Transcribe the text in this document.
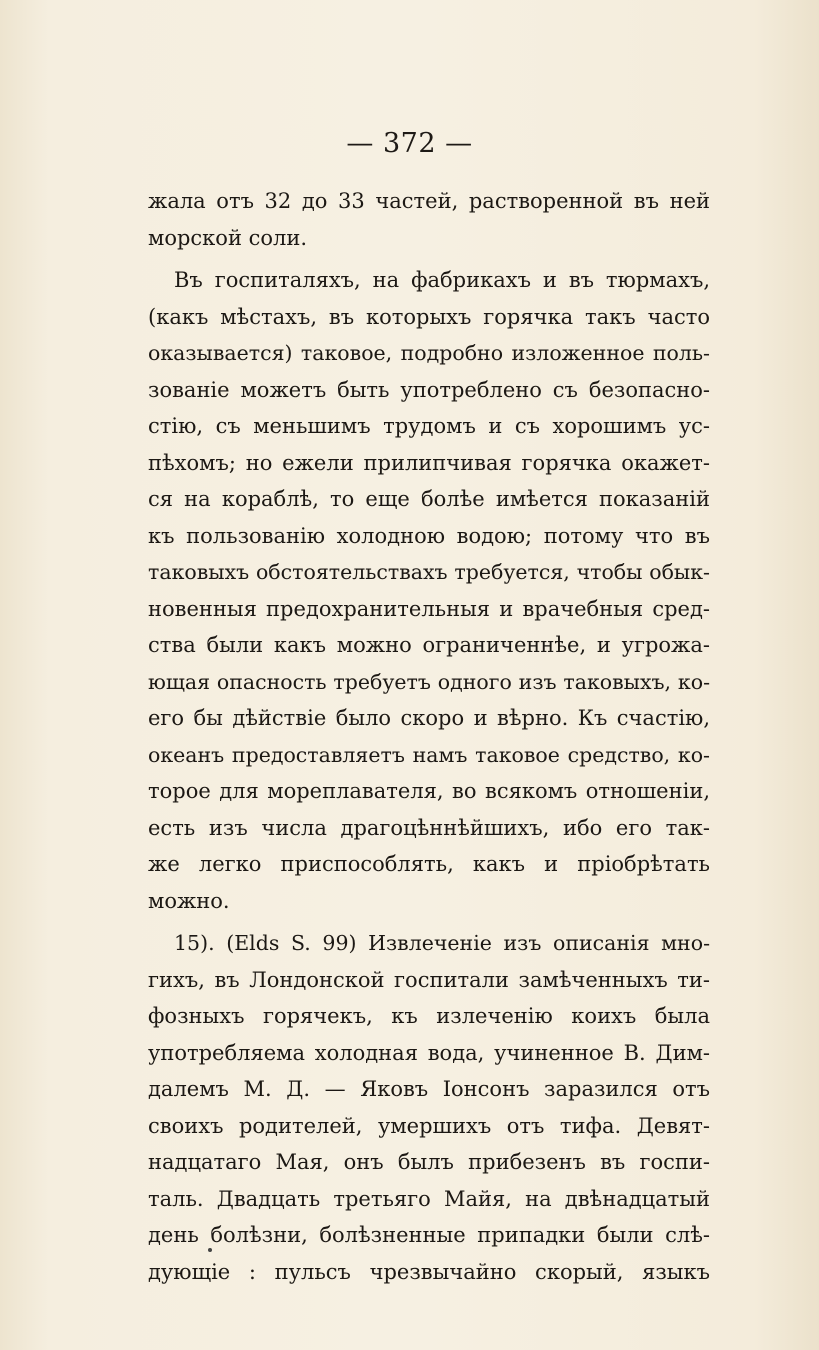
— 372 —
жала отъ 32 до 33 частей, растворенной въ ней
морской соли.
Въ госпиталяхъ, на фабрикахъ и въ тюрмахъ,
(какъ мѣстахъ, въ которыхъ горячка такъ часто
оказывается) таковое, подробно изложенное поль-
зованіе можетъ быть употреблено съ безопасно-
стію, съ меньшимъ трудомъ и съ хорошимъ ус-
пѣхомъ; но ежели прилипчивая горячка окажет-
ся на кораблѣ, то еще болѣе имѣется показаній
къ пользованію холодною водою; потому что въ
таковыхъ обстоятельствахъ требуется, чтобы обык-
новенныя предохранительныя и врачебныя сред-
ства были какъ можно ограниченнѣе, и угрожа-
ющая опасность требуетъ одного изъ таковыхъ, ко-
его бы дѣйствіе было скоро и вѣрно. Къ счастію,
океанъ предоставляетъ намъ таковое средство, ко-
торое для мореплавателя, во всякомъ отношеніи,
есть изъ числа драгоцѣннѣйшихъ, ибо его так-
же легко приспособлять, какъ и пріобрѣтать
можно.
15). (Elds S. 99) Извлеченіе изъ описанія мно-
гихъ, въ Лондонской госпитали замѣченныхъ ти-
фозныхъ горячекъ, къ излеченію коихъ была
употребляема холодная вода, учиненное В. Дим-
далемъ М. Д. — Яковъ Іонсонъ заразился отъ
своихъ родителей, умершихъ отъ тифа. Девят-
надцатаго Мая, онъ былъ прибезенъ въ госпи-
таль. Двадцать третьяго Майя, на двѣнадцатый
день болѣзни, болѣзненные припадки были слѣ-
дующіе : пульсъ чрезвычайно скорый, языкъ
